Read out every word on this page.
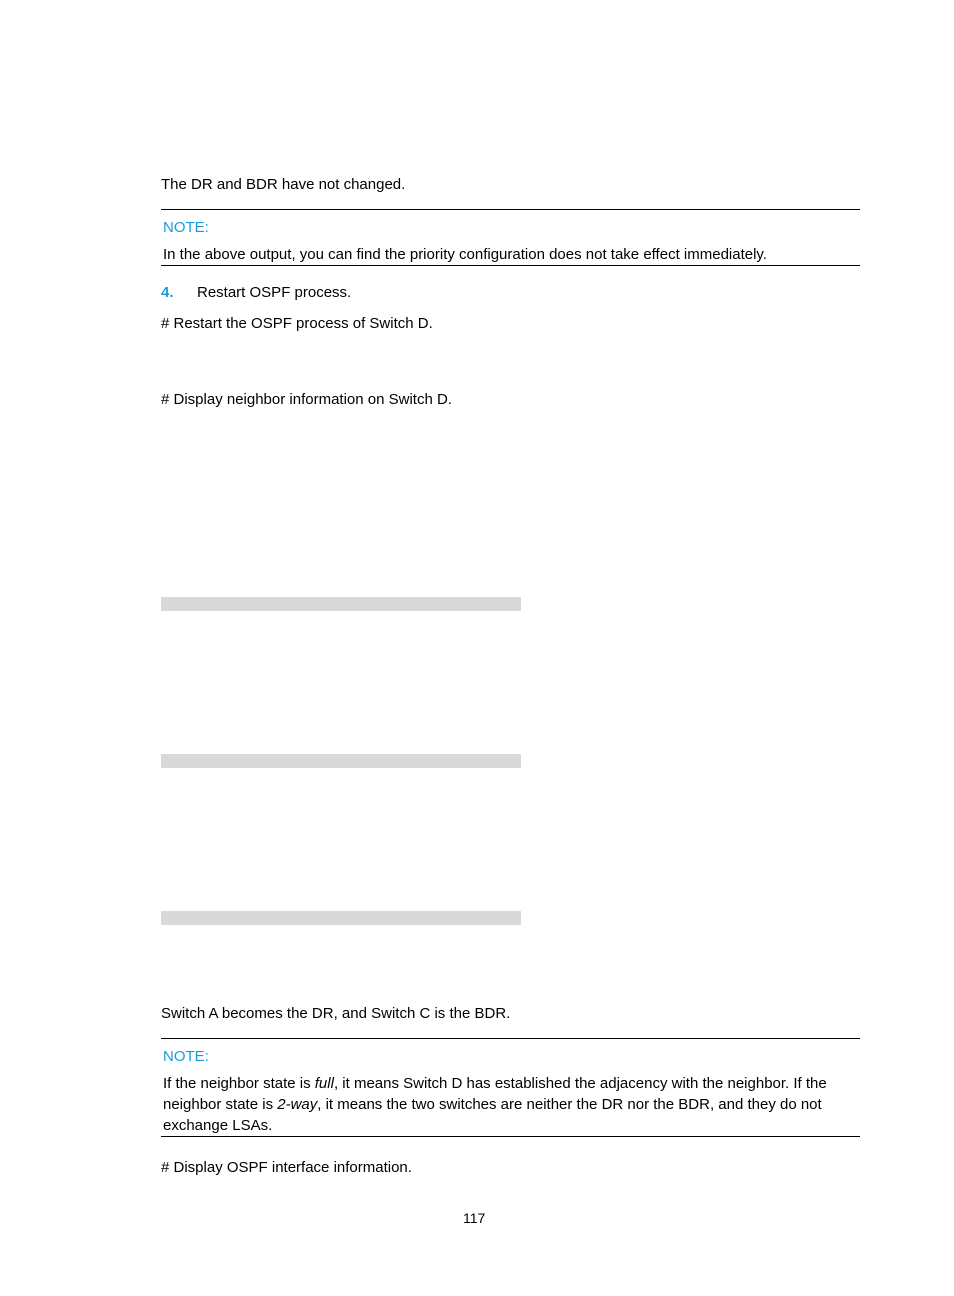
The DR and BDR have not changed.
NOTE:
In the above output, you can find the priority configuration does not take effect immediately.
4. Restart OSPF process.
# Restart the OSPF process of Switch D.
# Display neighbor information on Switch D.
Switch A becomes the DR, and Switch C is the BDR.
NOTE:
If the neighbor state is full, it means Switch D has established the adjacency with the neighbor. If the neighbor state is 2-way, it means the two switches are neither the DR nor the BDR, and they do not exchange LSAs.
# Display OSPF interface information.
117
